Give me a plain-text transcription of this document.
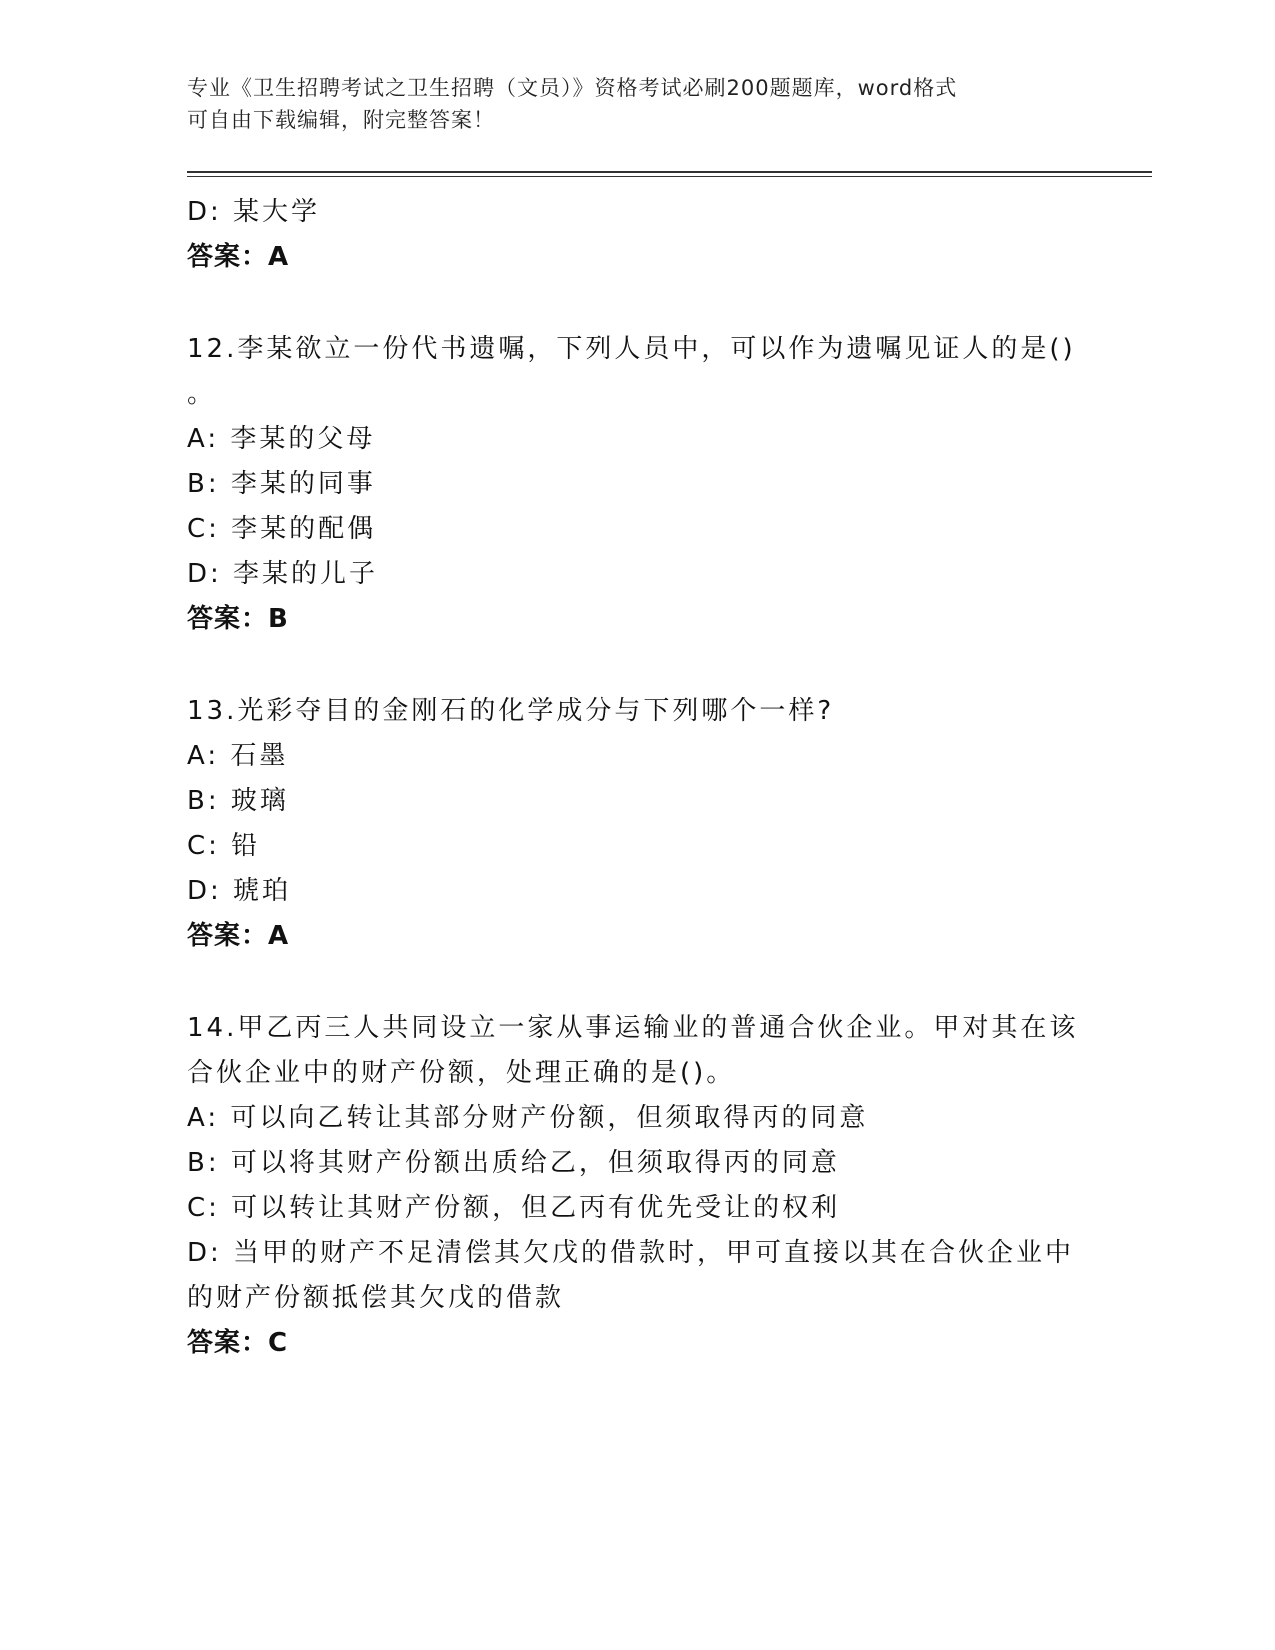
专业《卫生招聘考试之卫生招聘（文员）》资格考试必刷200题题库，word格式
可自由下载编辑，附完整答案！
D: 某大学
答案：A
12.李某欲立一份代书遗嘱，下列人员中，可以作为遗嘱见证人的是()
。
A: 李某的父母
B: 李某的同事
C: 李某的配偶
D: 李某的儿子
答案：B
13.光彩夺目的金刚石的化学成分与下列哪个一样?
A: 石墨
B: 玻璃
C: 铅
D: 琥珀
答案：A
14.甲乙丙三人共同设立一家从事运输业的普通合伙企业。甲对其在该
合伙企业中的财产份额，处理正确的是()。
A: 可以向乙转让其部分财产份额，但须取得丙的同意
B: 可以将其财产份额出质给乙，但须取得丙的同意
C: 可以转让其财产份额，但乙丙有优先受让的权利
D: 当甲的财产不足清偿其欠戊的借款时，甲可直接以其在合伙企业中
的财产份额抵偿其欠戊的借款
答案：C
